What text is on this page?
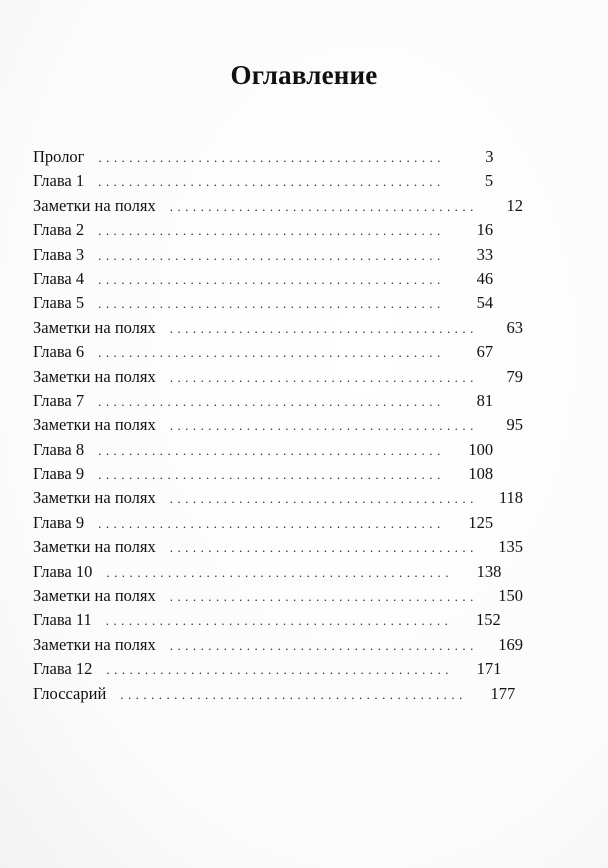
Оглавление
Пролог . . .	3
Глава 1 . . .	5
Заметки на полях . . .	12
Глава 2 . . .	16
Глава 3 . . .	33
Глава 4 . . .	46
Глава 5 . . .	54
Заметки на полях . . .	63
Глава 6 . . .	67
Заметки на полях . . .	79
Глава 7 . . .	81
Заметки на полях . . .	95
Глава 8 . . .	100
Глава 9 . . .	108
Заметки на полях . . .	118
Глава 9 . . .	125
Заметки на полях . . .	135
Глава 10 . . .	138
Заметки на полях . . .	150
Глава 11 . . .	152
Заметки на полях . . .	169
Глава 12 . . .	171
Глоссарий . . .	177
